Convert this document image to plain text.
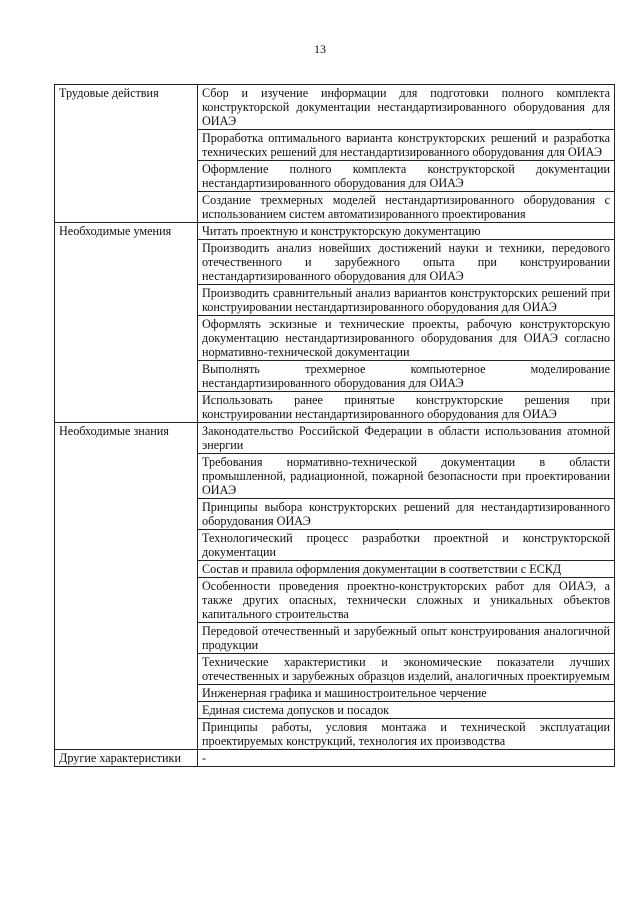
13
Трудовые действия	Сбор и изучение информации для подготовки полного комплекта конструкторской документации нестандартизированного оборудования для ОИАЭ
	Проработка оптимального варианта конструкторских решений и разработка технических решений для нестандартизированного оборудования для ОИАЭ
	Оформление полного комплекта конструкторской документации нестандартизированного оборудования для ОИАЭ
	Создание трехмерных моделей нестандартизированного оборудования с использованием систем автоматизированного проектирования
Необходимые умения	Читать проектную и конструкторскую документацию
	Производить анализ новейших достижений науки и техники, передового отечественного и зарубежного опыта при конструировании нестандартизированного оборудования для ОИАЭ
	Производить сравнительный анализ вариантов конструкторских решений при конструировании нестандартизированного оборудования для ОИАЭ
	Оформлять эскизные и технические проекты, рабочую конструкторскую документацию нестандартизированного оборудования для ОИАЭ согласно нормативно-технической документации
	Выполнять трехмерное компьютерное моделирование нестандартизированного оборудования для ОИАЭ
	Использовать ранее принятые конструкторские решения при конструировании нестандартизированного оборудования для ОИАЭ
Необходимые знания	Законодательство Российской Федерации в области использования атомной энергии
	Требования нормативно-технической документации в области промышленной, радиационной, пожарной безопасности при проектировании ОИАЭ
	Принципы выбора конструкторских решений для нестандартизированного оборудования ОИАЭ
	Технологический процесс разработки проектной и конструкторской документации
	Состав и правила оформления документации в соответствии с ЕСКД
	Особенности проведения проектно-конструкторских работ для ОИАЭ, а также других опасных, технически сложных и уникальных объектов капитального строительства
	Передовой отечественный и зарубежный опыт конструирования аналогичной продукции
	Технические характеристики и экономические показатели лучших отечественных и зарубежных образцов изделий, аналогичных проектируемым
	Инженерная графика и машиностроительное черчение
	Единая система допусков и посадок
	Принципы работы, условия монтажа и технической эксплуатации проектируемых конструкций, технология их производства
Другие характеристики	-
